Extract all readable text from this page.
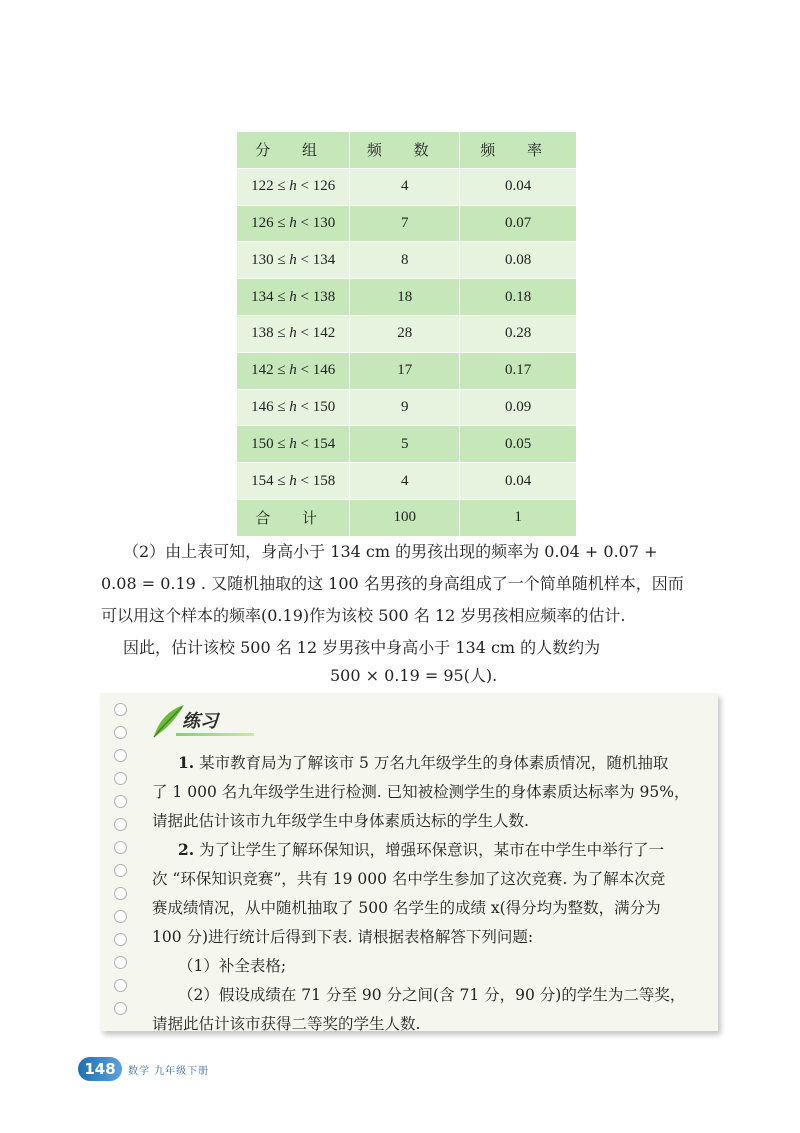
分 组	频 数	频 率
122 ≤ h < 126	4	0.04
126 ≤ h < 130	7	0.07
130 ≤ h < 134	8	0.08
134 ≤ h < 138	18	0.18
138 ≤ h < 142	28	0.28
142 ≤ h < 146	17	0.17
146 ≤ h < 150	9	0.09
150 ≤ h < 154	5	0.05
154 ≤ h < 158	4	0.04
合 计	100	1
（2）由上表可知，身高小于 134 cm 的男孩出现的频率为 0.04 + 0.07 +
0.08 = 0.19 . 又随机抽取的这 100 名男孩的身高组成了一个简单随机样本，因而
可以用这个样本的频率(0.19)作为该校 500 名 12 岁男孩相应频率的估计.
因此，估计该校 500 名 12 岁男孩中身高小于 134 cm 的人数约为
500 × 0.19 = 95(人).
练习
1. 某市教育局为了解该市 5 万名九年级学生的身体素质情况，随机抽取
了 1 000 名九年级学生进行检测. 已知被检测学生的身体素质达标率为 95%，
请据此估计该市九年级学生中身体素质达标的学生人数.
2. 为了让学生了解环保知识，增强环保意识，某市在中学生中举行了一
次 “环保知识竞赛”，共有 19 000 名中学生参加了这次竞赛. 为了解本次竞
赛成绩情况，从中随机抽取了 500 名学生的成绩 x(得分均为整数，满分为
100 分)进行统计后得到下表. 请根据表格解答下列问题:
（1）补全表格;
（2）假设成绩在 71 分至 90 分之间(含 71 分，90 分)的学生为二等奖，
请据此估计该市获得二等奖的学生人数.
148	数学 九年级下册
